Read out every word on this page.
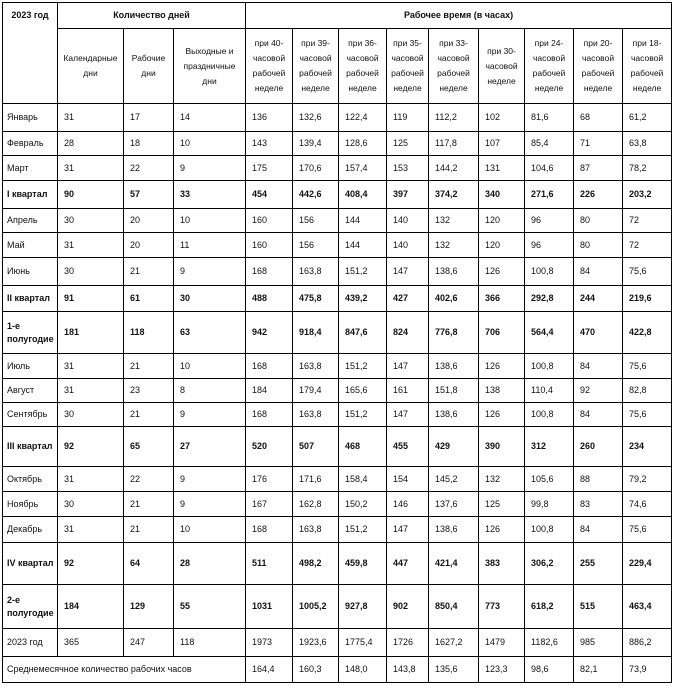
2023 год	Количество дней			Рабочее время (в часах)								
	Календарные дни	Рабочие дни	Выходные и праздничные дни	при 40-часовой рабочей неделе	при 39-часовой рабочей неделе	при 36-часовой рабочей неделе	при 35-часовой рабочей неделе	при 33-часовой рабочей неделе	при 30-часовой неделе	при 24-часовой рабочей неделе	при 20-часовой рабочей неделе	при 18-часовой рабочей неделе
Январь	31	17	14	136	132,6	122,4	119	112,2	102	81,6	68	61,2
Февраль	28	18	10	143	139,4	128,6	125	117,8	107	85,4	71	63,8
Март	31	22	9	175	170,6	157,4	153	144,2	131	104,6	87	78,2
I квартал	90	57	33	454	442,6	408,4	397	374,2	340	271,6	226	203,2
Апрель	30	20	10	160	156	144	140	132	120	96	80	72
Май	31	20	11	160	156	144	140	132	120	96	80	72
Июнь	30	21	9	168	163,8	151,2	147	138,6	126	100,8	84	75,6
II квартал	91	61	30	488	475,8	439,2	427	402,6	366	292,8	244	219,6
1-е полугодие	181	118	63	942	918,4	847,6	824	776,8	706	564,4	470	422,8
Июль	31	21	10	168	163,8	151,2	147	138,6	126	100,8	84	75,6
Август	31	23	8	184	179,4	165,6	161	151,8	138	110,4	92	82,8
Сентябрь	30	21	9	168	163,8	151,2	147	138,6	126	100,8	84	75,6
III квартал	92	65	27	520	507	468	455	429	390	312	260	234
Октябрь	31	22	9	176	171,6	158,4	154	145,2	132	105,6	88	79,2
Ноябрь	30	21	9	167	162,8	150,2	146	137,6	125	99,8	83	74,6
Декабрь	31	21	10	168	163,8	151,2	147	138,6	126	100,8	84	75,6
IV квартал	92	64	28	511	498,2	459,8	447	421,4	383	306,2	255	229,4
2-е полугодие	184	129	55	1031	1005,2	927,8	902	850,4	773	618,2	515	463,4
2023 год	365	247	118	1973	1923,6	1775,4	1726	1627,2	1479	1182,6	985	886,2
Среднемесячное количество рабочих часов				164,4	160,3	148,0	143,8	135,6	123,3	98,6	82,1	73,9
